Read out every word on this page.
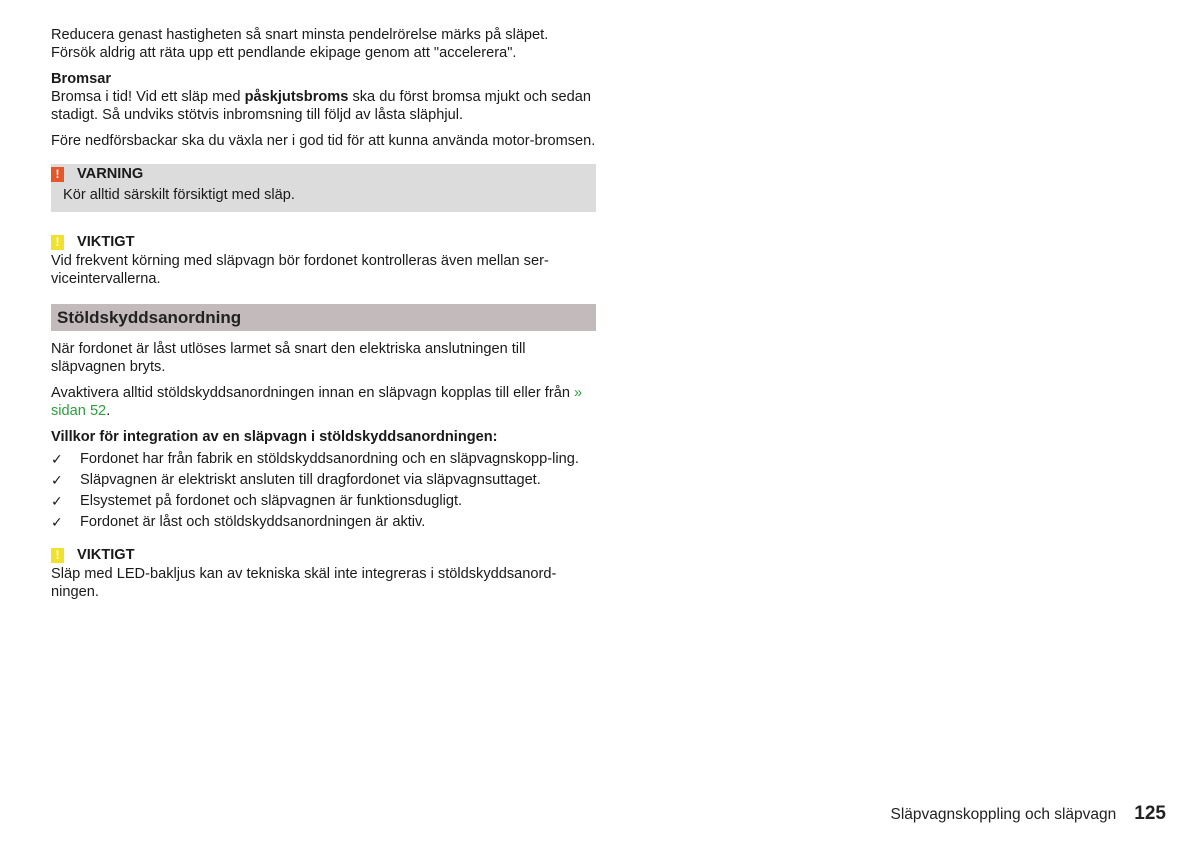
Reducera genast hastigheten så snart minsta pendelrörelse märks på släpet.
Försök aldrig att räta upp ett pendlande ekipage genom att "accelerera".

Bromsar

Bromsa i tid! Vid ett släp med påskjutsbroms ska du först bromsa mjukt och sedan stadigt. Så undviks stötvis inbromsning till följd av låsta släphjul.

Före nedförsbackar ska du växla ner i god tid för att kunna använda motor-bromsen.

!	VARNING
Kör alltid särskilt försiktigt med släp.
!	VIKTIGT

Vid frekvent körning med släpvagn bör fordonet kontrolleras även mellan ser-viceintervallerna.

Stöldskyddsanordning

När fordonet är låst utlöses larmet så snart den elektriska anslutningen till släpvagnen bryts.

Avaktivera alltid stöldskyddsanordningen innan en släpvagn kopplas till eller från » sidan 52.

Villkor för integration av en släpvagn i stöldskyddsanordningen:
✓	Fordonet har från fabrik en stöldskyddsanordning och en släpvagnskopp-ling.
✓	Släpvagnen är elektriskt ansluten till dragfordonet via släpvagnsuttaget.
✓	Elsystemet på fordonet och släpvagnen är funktionsdugligt.
✓	Fordonet är låst och stöldskyddsanordningen är aktiv.
!	VIKTIGT

Släp med LED-bakljus kan av tekniska skäl inte integreras i stöldskyddsanord-ningen.

Släpvagnskoppling och släpvagn 125
